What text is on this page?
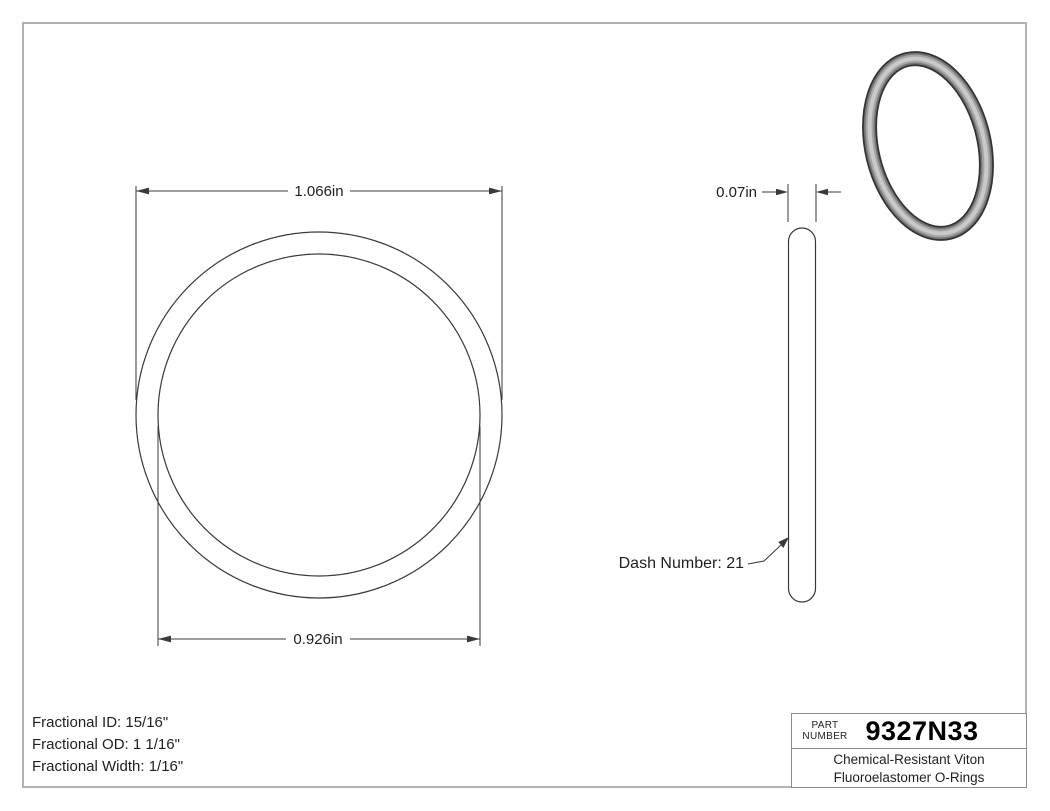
1.066in
0.926in
0.07in
Dash Number: 21
Fractional ID: 15/16"
Fractional OD: 1 1/16"
Fractional Width: 1/16"
PART
NUMBER 9327N33
Chemical-Resistant Viton
Fluoroelastomer O-Rings
